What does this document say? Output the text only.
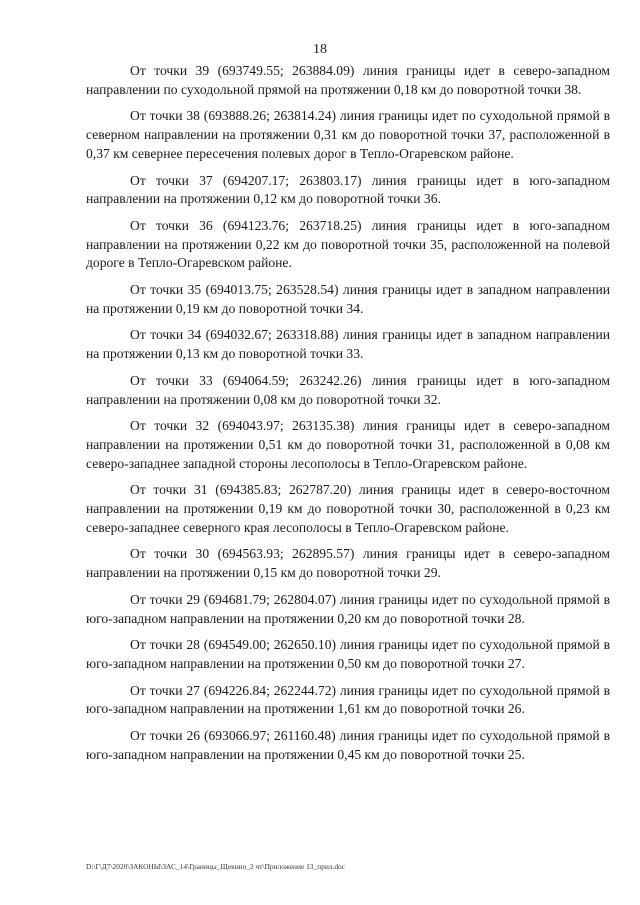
18

От точки 39 (693749.55; 263884.09) линия границы идет в северо-западном направлении по суходольной прямой на протяжении 0,18 км до поворотной точки 38.

От точки 38 (693888.26; 263814.24) линия границы идет по суходольной прямой в северном направлении на протяжении 0,31 км до поворотной точки 37, расположенной в 0,37 км севернее пересечения полевых дорог в Тепло-Огаревском районе.

От точки 37 (694207.17; 263803.17) линия границы идет в юго-западном направлении на протяжении 0,12 км до поворотной точки 36.

От точки 36 (694123.76; 263718.25) линия границы идет в юго-западном направлении на протяжении 0,22 км до поворотной точки 35, расположенной на полевой дороге в Тепло-Огаревском районе.

От точки 35 (694013.75; 263528.54) линия границы идет в западном направлении на протяжении 0,19 км до поворотной точки 34.

От точки 34 (694032.67; 263318.88) линия границы идет в западном направлении на протяжении 0,13 км до поворотной точки 33.

От точки 33 (694064.59; 263242.26) линия границы идет в юго-западном направлении на протяжении 0,08 км до поворотной точки 32.

От точки 32 (694043.97; 263135.38) линия границы идет в северо-западном направлении на протяжении 0,51 км до поворотной точки 31, расположенной в 0,08 км северо-западнее западной стороны лесополосы в Тепло-Огаревском районе.

От точки 31 (694385.83; 262787.20) линия границы идет в северо-восточном направлении на протяжении 0,19 км до поворотной точки 30, расположенной в 0,23 км северо-западнее северного края лесополосы в Тепло-Огаревском районе.

От точки 30 (694563.93; 262895.57) линия границы идет в северо-западном направлении на протяжении 0,15 км до поворотной точки 29.

От точки 29 (694681.79; 262804.07) линия границы идет по суходольной прямой в юго-западном направлении на протяжении 0,20 км до поворотной точки 28.

От точки 28 (694549.00; 262650.10) линия границы идет по суходольной прямой в юго-западном направлении на протяжении 0,50 км до поворотной точки 27.

От точки 27 (694226.84; 262244.72) линия границы идет по суходольной прямой в юго-западном направлении на протяжении 1,61 км до поворотной точки 26.

От точки 26 (693066.97; 261160.48) линия границы идет по суходольной прямой в юго-западном направлении на протяжении 0,45 км до поворотной точки 25.

D:\Г\Д7\2020\ЗАКОНЫ\ЗАС_14\Границы_Щекино_2 чт\Приложение 13_прил.doc
